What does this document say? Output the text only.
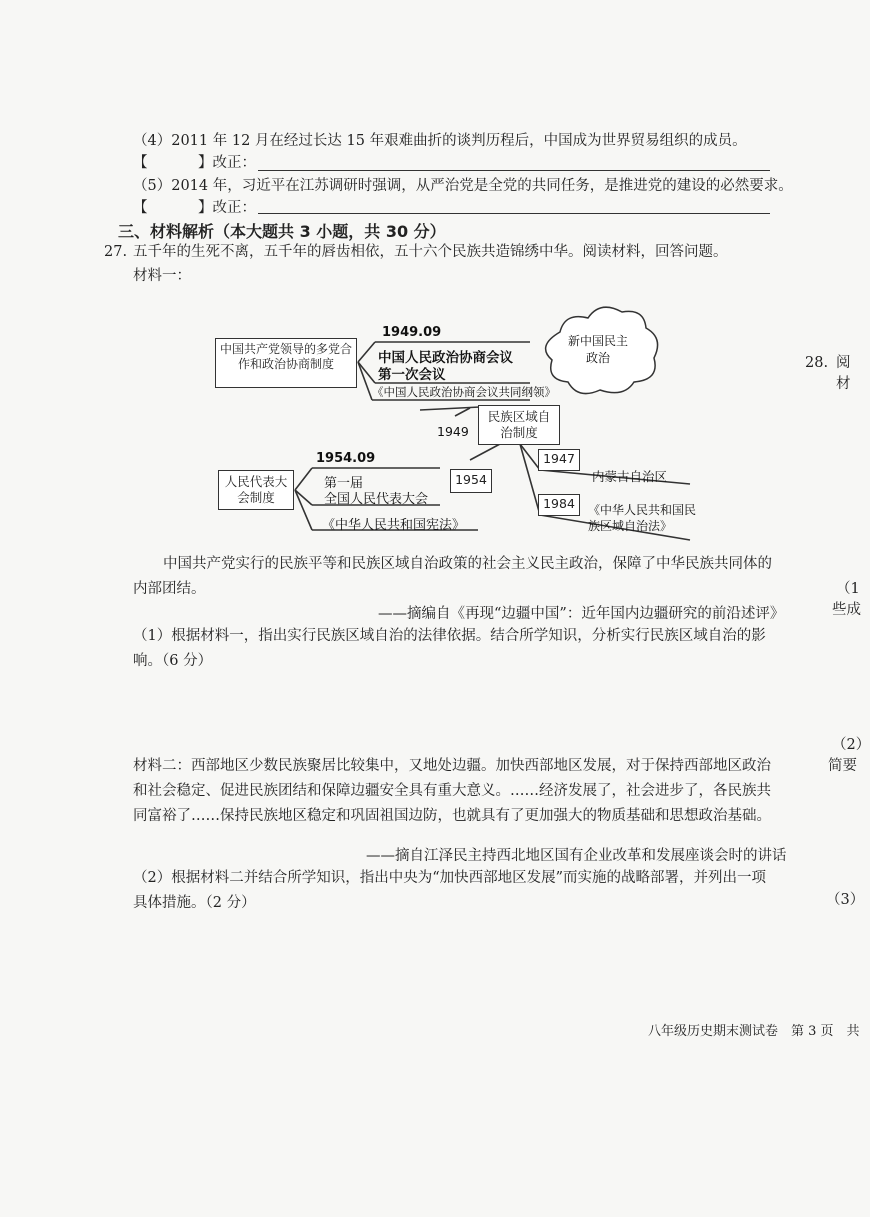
（4）2011 年 12 月在经过长达 15 年艰难曲折的谈判历程后，中国成为世界贸易组织的成员。
【	】改正：
（5）2014 年，习近平在江苏调研时强调，从严治党是全党的共同任务，是推进党的建设的必然要求。
【	】改正：
三、材料解析（本大题共 3 小题，共 30 分）
27. 五千年的生死不离，五千年的唇齿相依，五十六个民族共造锦绣中华。阅读材料，回答问题。
材料一：
中国共产党领导的多党合作和政治协商制度
1949.09
中国人民政治协商会议
第一次会议
《中国人民政治协商会议共同纲领》
新中国民主政治
1949
民族区域自治制度
1954.09
第一届
全国人民代表大会
人民代表大会制度
1954
《中华人民共和国宪法》
1947
内蒙古自治区
1984	《中华人民共和国民族区域自治法》
中国共产党实行的民族平等和民族区域自治政策的社会主义民主政治，保障了中华民族共同体的内部团结。
——摘编自《再现“边疆中国”：近年国内边疆研究的前沿述评》
（1）根据材料一，指出实行民族区域自治的法律依据。结合所学知识，分析实行民族区域自治的影响。（6 分）
材料二：西部地区少数民族聚居比较集中，又地处边疆。加快西部地区发展，对于保持西部地区政治和社会稳定、促进民族团结和保障边疆安全具有重大意义。……经济发展了，社会进步了，各民族共同富裕了……保持民族地区稳定和巩固祖国边防，也就具有了更加强大的物质基础和思想政治基础。
——摘自江泽民主持西北地区国有企业改革和发展座谈会时的讲话
（2）根据材料二并结合所学知识，指出中央为“加快西部地区发展”而实施的战略部署，并列出一项具体措施。（2 分）
28. 阅
材
（1
些成
（2）
简要
（3）
八年级历史期末测试卷　第 3 页　共
